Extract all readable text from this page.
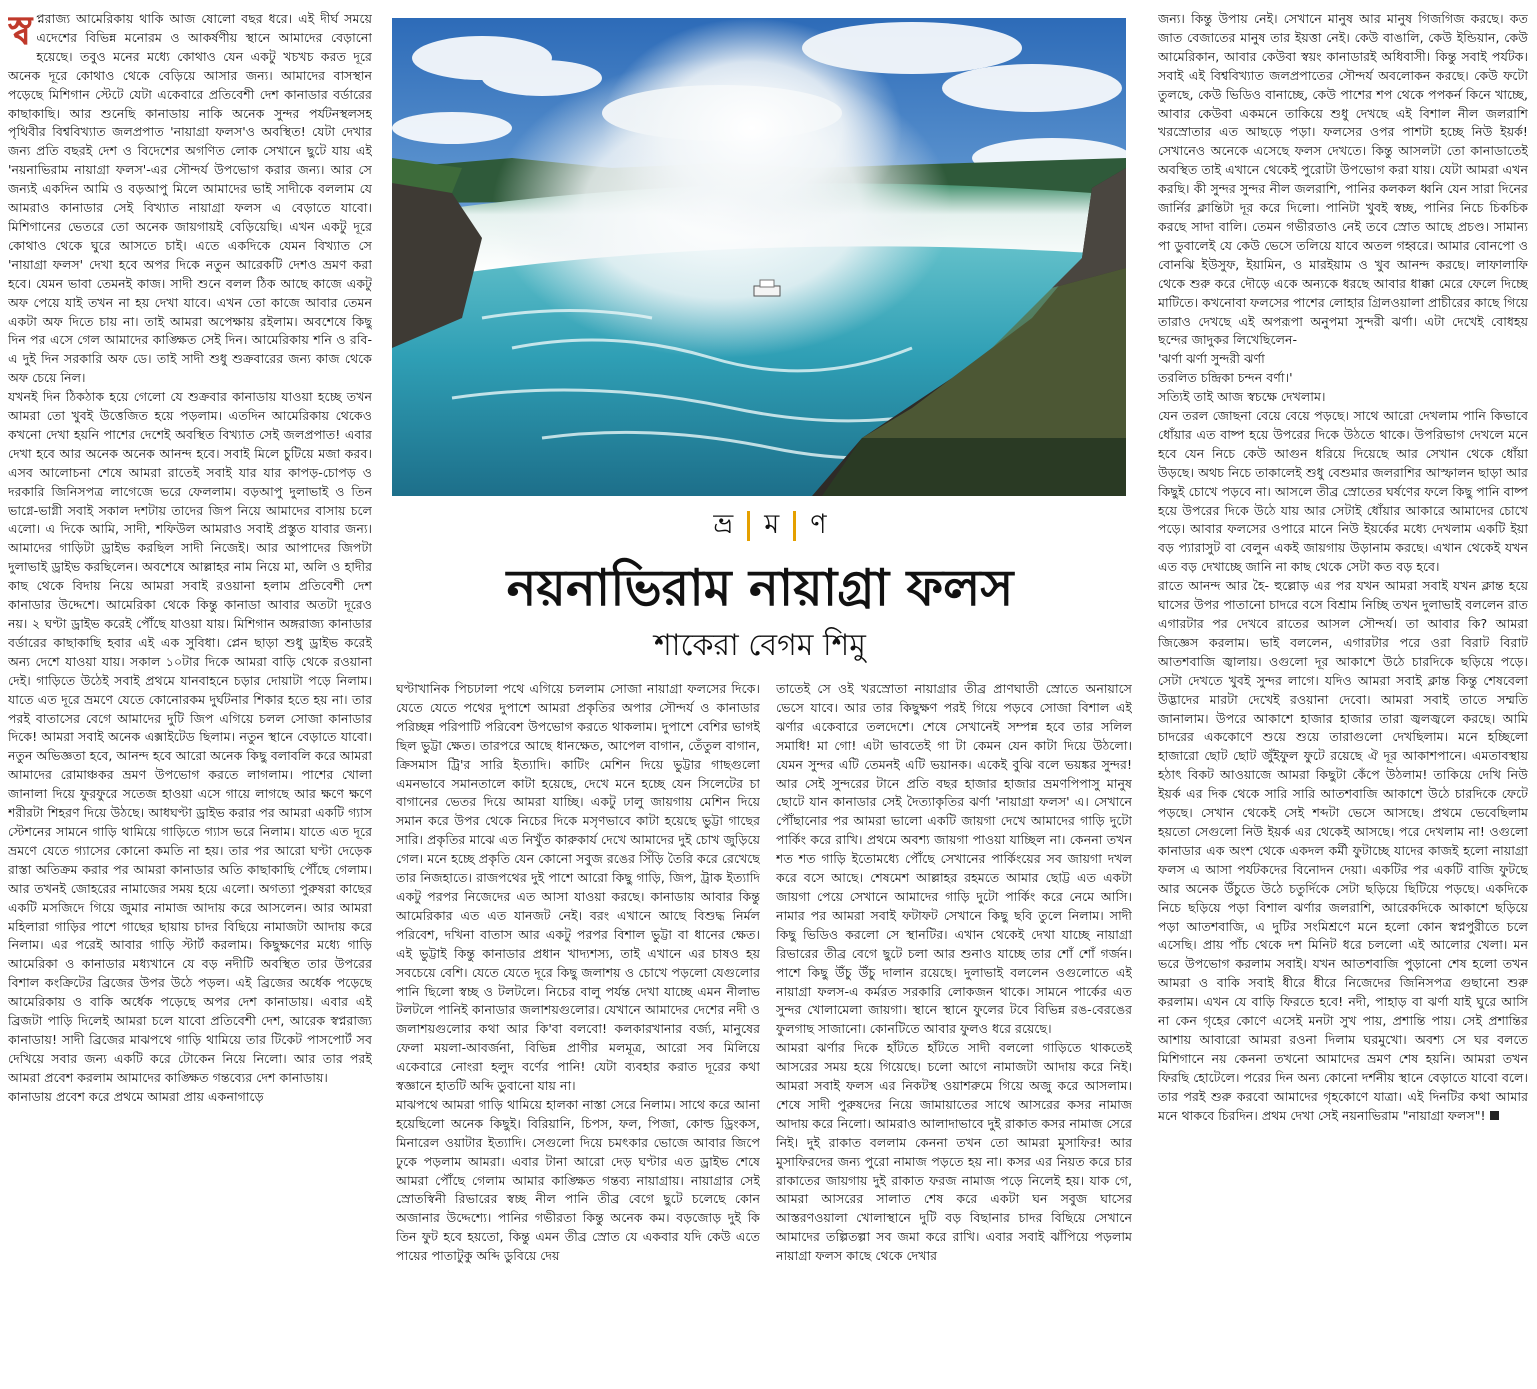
স্ব প্নরাজ্য আমেরিকায় থাকি আজ ষোলো বছর ধরে। এই দীর্ঘ সময়ে এদেশের বিভিন্ন মনোরম ও আকর্ষণীয় স্থানে আমাদের বেড়ানো হয়েছে। তবুও মনের মধ্যে কোথাও যেন একটু খচখচ করত দূরে অনেক দূরে কোথাও থেকে বেড়িয়ে আসার জন্য। আমাদের বাসস্থান পড়েছে মিশিগান স্টেটে যেটা একেবারে প্রতিবেশী দেশ কানাডার বর্ডারের কাছাকাছি। আর শুনেছি কানাডায় নাকি অনেক সুন্দর পর্যটনস্থলসহ পৃথিবীর বিশ্ববিখ্যাত জলপ্রপাত 'নায়াগ্রা ফলস'ও অবস্থিত! যেটা দেখার জন্য প্রতি বছরই দেশ ও বিদেশের অগণিত লোক সেখানে ছুটে যায় এই 'নয়নাভিরাম নায়াগ্রা ফলস'-এর সৌন্দর্য উপভোগ করার জন্য। আর সে জন্যই একদিন আমি ও বড়আপু মিলে আমাদের ভাই সাদীকে বললাম যে আমরাও কানাডার সেই বিখ্যাত নায়াগ্রা ফলস এ বেড়াতে যাবো। মিশিগানের ভেতরে তো অনেক জায়গায়ই বেড়িয়েছি। এখন একটু দূরে কোথাও থেকে ঘুরে আসতে চাই। এতে একদিকে যেমন বিখ্যাত সে 'নায়াগ্রা ফলস' দেখা হবে অপর দিকে নতুন আরেকটি দেশও ভ্রমণ করা হবে। যেমন ভাবা তেমনই কাজ। সাদী শুনে বলল ঠিক আছে কাজে একটু অফ পেয়ে যাই তখন না হয় দেখা যাবে। এখন তো কাজে আবার তেমন একটা অফ দিতে চায় না। তাই আমরা অপেক্ষায় রইলাম। অবশেষে কিছু দিন পর এসে গেল আমাদের কাঙ্ক্ষিত সেই দিন। আমেরিকায় শনি ও রবি- এ দুই দিন সরকারি অফ ডে। তাই সাদী শুধু শুক্রবারের জন্য কাজ থেকে অফ চেয়ে নিল।

যখনই দিন ঠিকঠাক হয়ে গেলো যে শুক্রবার কানাডায় যাওয়া হচ্ছে তখন আমরা তো খুবই উত্তেজিত হয়ে পড়লাম। এতদিন আমেরিকায় থেকেও কখনো দেখা হয়নি পাশের দেশেই অবস্থিত বিখ্যাত সেই জলপ্রপাত! এবার দেখা হবে আর অনেক অনেক আনন্দ হবে। সবাই মিলে চুটিয়ে মজা করব। এসব আলোচনা শেষে আমরা রাতেই সবাই যার যার কাপড়-চোপড় ও দরকারি জিনিসপত্র লাগেজে ভরে ফেললাম। বড়আপু দুলাভাই ও তিন ভাগ্নে-ভাগ্নী সবাই সকাল দশটায় তাদের জিপ নিয়ে আমাদের বাসায় চলে এলো। এ দিকে আমি, সাদী, শফিউল আমরাও সবাই প্রস্তুত যাবার জন্য। আমাদের গাড়িটা ড্রাইভ করছিল সাদী নিজেই। আর আপাদের জিপটা দুলাভাই ড্রাইভ করছিলেন। অবশেষে আল্লাহর নাম নিয়ে মা, অলি ও হাদীর কাছ থেকে বিদায় নিয়ে আমরা সবাই রওয়ানা হলাম প্রতিবেশী দেশ কানাডার উদ্দেশে। আমেরিকা থেকে কিন্তু কানাডা আবার অতটা দূরেও নয়। ২ ঘণ্টা ড্রাইভ করেই পৌঁছে যাওয়া যায়। মিশিগান অঙ্গরাজ্য কানাডার বর্ডারের কাছাকাছি হবার এই এক সুবিধা। প্লেন ছাড়া শুধু ড্রাইভ করেই অন্য দেশে যাওয়া যায়। সকাল ১০টার দিকে আমরা বাড়ি থেকে রওয়ানা দেই। গাড়িতে উঠেই সবাই প্রথমে যানবাহনে চড়ার দোয়াটা পড়ে নিলাম। যাতে এত দূরে ভ্রমণে যেতে কোনোরকম দুর্ঘটনার শিকার হতে হয় না। তার পরই বাতাসের বেগে আমাদের দুটি জিপ এগিয়ে চলল সোজা কানাডার দিকে! আমরা সবাই অনেক এক্সাইটেড ছিলাম। নতুন স্থানে বেড়াতে যাবো। নতুন অভিজ্ঞতা হবে, আনন্দ হবে আরো অনেক কিছু বলাবলি করে আমরা আমাদের রোমাঞ্চকর ভ্রমণ উপভোগ করতে লাগলাম। পাশের খোলা জানালা দিয়ে ফুরফুরে সতেজ হাওয়া এসে গায়ে লাগছে আর ক্ষণে ক্ষণে শরীরটা শিহরণ দিয়ে উঠছে। আধঘণ্টা ড্রাইভ করার পর আমরা একটি গ্যাস স্টেশনের সামনে গাড়ি থামিয়ে গাড়িতে গ্যাস ভরে নিলাম। যাতে এত দূরে ভ্রমণে যেতে গ্যাসের কোনো কমতি না হয়। তার পর আরো ঘণ্টা দেড়েক রাস্তা অতিক্রম করার পর আমরা কানাডার অতি কাছাকাছি পৌঁছে গেলাম। আর তখনই জোহরের নামাজের সময় হয়ে এলো। অগত্যা পুরুষরা কাছের একটি মসজিদে গিয়ে জুমার নামাজ আদায় করে আসলেন। আর আমরা মহিলারা গাড়ির পাশে গাছের ছায়ায় চাদর বিছিয়ে নামাজটা আদায় করে নিলাম। এর পরেই আবার গাড়ি স্টার্ট করলাম। কিছুক্ষণের মধ্যে গাড়ি আমেরিকা ও কানাডার মধ্যখানে যে বড় নদীটি অবস্থিত তার উপরের বিশাল কংক্রিটের ব্রিজের উপর উঠে পড়ল। এই ব্রিজের অর্ধেক পড়েছে আমেরিকায় ও বাকি অর্ধেক পড়েছে অপর দেশ কানাডায়। এবার এই ব্রিজটা পাড়ি দিলেই আমরা চলে যাবো প্রতিবেশী দেশ, আরেক স্বপ্নরাজ্য কানাডায়! সাদী ব্রিজের মাঝপথে গাড়ি থামিয়ে তার টিকেট পাসপোর্ট সব দেখিয়ে সবার জন্য একটি করে টোকেন নিয়ে নিলো। আর তার পরই আমরা প্রবেশ করলাম আমাদের কাঙ্ক্ষিত গন্তব্যের দেশ কানাডায়।

কানাডায় প্রবেশ করে প্রথমে আমরা প্রায় একনাগাড়ে

ভ্র ম ণ
নয়নাভিরাম নায়াগ্রা ফলস
শাকেরা বেগম শিমু

ঘণ্টাখানিক পিচঢালা পথে এগিয়ে চললাম সোজা নায়াগ্রা ফলসের দিকে। যেতে যেতে পথের দুপাশে আমরা প্রকৃতির অপার সৌন্দর্য ও কানাডার পরিচ্ছন্ন পরিপাটি পরিবেশ উপভোগ করতে থাকলাম। দুপাশে বেশির ভাগই ছিল ভুট্টা ক্ষেত। তারপরে আছে ধানক্ষেত, আপেল বাগান, তেঁতুল বাগান, ক্রিসমাস ট্রি'র সারি ইত্যাদি। কাটিং মেশিন দিয়ে ভুট্টার গাছগুলো এমনভাবে সমানতালে কাটা হয়েছে, দেখে মনে হচ্ছে যেন সিলেটের চা বাগানের ভেতর দিয়ে আমরা যাচ্ছি। একটু ঢালু জায়গায় মেশিন দিয়ে সমান করে উপর থেকে নিচের দিকে মসৃণভাবে কাটা হয়েছে ভুট্টা গাছের সারি। প্রকৃতির মাঝে এত নিখুঁত কারুকার্য দেখে আমাদের দুই চোখ জুড়িয়ে গেল। মনে হচ্ছে প্রকৃতি যেন কোনো সবুজ রঙের সিঁড়ি তৈরি করে রেখেছে তার নিজহাতে। রাজপথের দুই পাশে আরো কিছু গাড়ি, জিপ, ট্রাক ইত্যাদি একটু পরপর নিজেদের এত আসা যাওয়া করছে। কানাডায় আবার কিন্তু আমেরিকার এত এত যানজট নেই। বরং এখানে আছে বিশুদ্ধ নির্মল পরিবেশ, দখিনা বাতাস আর একটু পরপর বিশাল ভুট্টা বা ধানের ক্ষেত। এই ভুট্টাই কিন্তু কানাডার প্রধান খাদ্যশস্য, তাই এখানে এর চাষও হয় সবচেয়ে বেশি। যেতে যেতে দূরে কিছু জলাশয় ও চোখে পড়লো যেগুলোর পানি ছিলো স্বচ্ছ ও টলটলে। নিচের বালু পর্যন্ত দেখা যাচ্ছে এমন নীলাভ টলটলে পানিই কানাডার জলাশয়গুলোর। যেখানে আমাদের দেশের নদী ও জলাশয়গুলোর কথা আর কি'বা বলবো! কলকারখানার বর্জ্য, মানুষের ফেলা ময়লা-আবর্জনা, বিভিন্ন প্রাণীর মলমূত্র, আরো সব মিলিয়ে একেবারে নোংরা হলুদ বর্ণের পানি! যেটা ব্যবহার করাত দূরের কথা স্বজ্ঞানে হাতটি অব্দি ডুবানো যায় না।

মাঝপথে আমরা গাড়ি থামিয়ে হালকা নাস্তা সেরে নিলাম। সাথে করে আনা হয়েছিলো অনেক কিছুই। বিরিয়ানি, চিপস, ফল, পিজা, কোল্ড ড্রিংকস, মিনারেল ওয়াটার ইত্যাদি। সেগুলো দিয়ে চমৎকার ভোজে আবার জিপে ঢুকে পড়লাম আমরা। এবার টানা আরো দেড় ঘণ্টার এত ড্রাইভ শেষে আমরা পৌঁছে গেলাম আমার কাঙ্ক্ষিত গন্তব্য নায়াগ্রায়। নায়াগ্রার সেই স্রোতস্বিনী রিভারের স্বচ্ছ নীল পানি তীব্র বেগে ছুটে চলেছে কোন অজানার উদ্দেশ্যে। পানির গভীরতা কিন্তু অনেক কম। বড়জোড় দুই কি তিন ফুট হবে হয়তো, কিন্তু এমন তীব্র স্রোত যে একবার যদি কেউ এতে পায়ের পাতাটুকু অব্দি ডুবিয়ে দেয়

তাতেই সে ওই খরস্রোতা নায়াগ্রার তীব্র প্রাণঘাতী স্রোতে অনায়াসে ভেসে যাবে। আর তার কিছুক্ষণ পরই গিয়ে পড়বে সোজা বিশাল এই ঝর্ণার একেবারে তলদেশে। শেষে সেখানেই সম্পন্ন হবে তার সলিল সমাধি! মা গো! এটা ভাবতেই গা টা কেমন যেন কাটা দিয়ে উঠলো। যেমন সুন্দর এটি তেমনই এটি ভয়ানক। একেই বুঝি বলে ভয়ঙ্কর সুন্দর! আর সেই সুন্দরের টানে প্রতি বছর হাজার হাজার ভ্রমণপিপাসু মানুষ ছোটে যান কানাডার সেই দৈত্যাকৃতির ঝর্ণা 'নায়াগ্রা ফলস' এ। সেখানে পৌঁছানোর পর আমরা ভালো একটি জায়গা দেখে আমাদের গাড়ি দুটো পার্কিং করে রাখি। প্রথমে অবশ্য জায়গা পাওয়া যাচ্ছিল না। কেননা তখন শত শত গাড়ি ইতোমধ্যে পৌঁছে সেখানের পার্কিংয়ের সব জায়গা দখল করে বসে আছে। শেষমেশ আল্লাহর রহমতে আমার ছোট্ট এত একটা জায়গা পেয়ে সেখানে আমাদের গাড়ি দুটো পার্কিং করে নেমে আসি। নামার পর আমরা সবাই ফটাফট সেখানে কিছু ছবি তুলে নিলাম। সাদী কিছু ভিডিও করলো সে স্থানটির। এখান থেকেই দেখা যাচ্ছে নায়াগ্রা রিভারের তীব্র বেগে ছুটে চলা আর শুনাও যাচ্ছে তার শোঁ শোঁ গর্জন। পাশে কিছু উঁচু উঁচু দালান রয়েছে। দুলাভাই বললেন ওগুলোতে এই নায়াগ্রা ফলস-এ কর্মরত সরকারি লোকজন থাকে। সামনে পার্কের এত সুন্দর খোলামেলা জায়গা। স্থানে স্থানে ফুলের টবে বিভিন্ন রঙ-বেরঙের ফুলগাছ সাজানো। কোনটিতে আবার ফুলও ধরে রয়েছে।

আমরা ঝর্ণার দিকে হাঁটতে হাঁটতে সাদী বললো গাড়িতে থাকতেই আসরের সময় হয়ে গিয়েছে। চলো আগে নামাজটা আদায় করে নিই। আমরা সবাই ফলস এর নিকটস্থ ওয়াশরুমে গিয়ে অজু করে আসলাম। শেষে সাদী পুরুষদের নিয়ে জামায়াতের সাথে আসরের কসর নামাজ আদায় করে নিলো। আমরাও আলাদাভাবে দুই রাকাত কসর নামাজ সেরে নিই। দুই রাকাত বললাম কেননা তখন তো আমরা মুসাফির! আর মুসাফিরদের জন্য পুরো নামাজ পড়তে হয় না। কসর এর নিয়ত করে চার রাকাতের জায়গায় দুই রাকাত ফরজ নামাজ পড়ে নিলেই হয়। যাক গে, আমরা আসরের সালাত শেষ করে একটা ঘন সবুজ ঘাসের আস্তরণওয়ালা খোলাস্থানে দুটি বড় বিছানার চাদর বিছিয়ে সেখানে আমাদের তল্পিতল্পা সব জমা করে রাখি। এবার সবাই ঝাঁপিয়ে পড়লাম নায়াগ্রা ফলস কাছে থেকে দেখার

জন্য। কিন্তু উপায় নেই। সেখানে মানুষ আর মানুষ গিজগিজ করছে। কত জাত বেজাতের মানুষ তার ইয়ত্তা নেই। কেউ বাঙালি, কেউ ইন্ডিয়ান, কেউ আমেরিকান, আবার কেউবা স্বয়ং কানাডারই অধিবাসী। কিন্তু সবাই পর্যটক। সবাই এই বিশ্ববিখ্যাত জলপ্রপাতের সৌন্দর্য অবলোকন করছে। কেউ ফটো তুলছে, কেউ ভিডিও বানাচ্ছে, কেউ পাশের শপ থেকে পপকর্ন কিনে খাচ্ছে, আবার কেউবা একমনে তাকিয়ে শুধু দেখছে এই বিশাল নীল জলরাশি খরস্রোতার এত আছড়ে পড়া। ফলসের ওপর পাশটা হচ্ছে নিউ ইয়র্ক! সেখানেও অনেকে এসেছে ফলস দেখতে। কিন্তু আসলটা তো কানাডাতেই অবস্থিত তাই এখানে থেকেই পুরোটা উপভোগ করা যায়। যেটা আমরা এখন করছি। কী সুন্দর সুন্দর নীল জলরাশি, পানির কলকল ধ্বনি যেন সারা দিনের জার্নির ক্লান্তিটা দূর করে দিলো। পানিটা খুবই স্বচ্ছ, পানির নিচে চিকচিক করছে সাদা বালি। তেমন গভীরতাও নেই তবে স্রোত আছে প্রচণ্ড। সামান্য পা ডুবালেই যে কেউ ভেসে তলিয়ে যাবে অতল গহ্বরে। আমার বোনপো ও বোনঝি ইউসুফ, ইয়ামিন, ও মারইয়াম ও খুব আনন্দ করছে। লাফালাফি থেকে শুরু করে দৌড়ে একে অন্যকে ধরছে আবার ধাক্কা মেরে ফেলে দিচ্ছে মাটিতে। কখনোবা ফলসের পাশের লোহার গ্রিলওয়ালা প্রাচীরের কাছে গিয়ে তারাও দেখছে এই অপরূপা অনুপমা সুন্দরী ঝর্ণা। এটা দেখেই বোধহয় ছন্দের জাদুকর লিখেছিলেন-

'ঝর্ণা ঝর্ণা সুন্দরী ঝর্ণা

তরলিত চন্দ্রিকা চন্দন বর্ণা।'

সত্যিই তাই আজ স্বচক্ষে দেখলাম।

যেন তরল জোছনা বেয়ে বেয়ে পড়ছে। সাথে আরো দেখলাম পানি কিভাবে ধোঁয়ার এত বাষ্প হয়ে উপরের দিকে উঠতে থাকে। উপরিভাগ দেখলে মনে হবে যেন নিচে কেউ আগুন ধরিয়ে দিয়েছে আর সেখান থেকে ধোঁয়া উড়ছে। অথচ নিচে তাকালেই শুধু বেশুমার জলরাশির আস্ফালন ছাড়া আর কিছুই চোখে পড়বে না। আসলে তীব্র স্রোতের ঘর্ষণের ফলে কিছু পানি বাষ্প হয়ে উপরের দিকে উঠে যায় আর সেটাই ধোঁয়ার আকারে আমাদের চোখে পড়ে। আবার ফলসের ওপারে মানে নিউ ইয়র্কের মধ্যে দেখলাম একটি ইয়া বড় প্যারাসুট বা বেলুন একই জায়গায় উড়ানাম করছে। এখান থেকেই যখন এত বড় দেখাচ্ছে জানি না কাছ থেকে সেটা কত বড় হবে।

রাতে আনন্দ আর হৈ- হুল্লোড় এর পর যখন আমরা সবাই যখন ক্লান্ত হয়ে ঘাসের উপর পাতানো চাদরে বসে বিশ্রাম নিচ্ছি তখন দুলাভাই বললেন রাত এগারটার পর দেখবে রাতের আসল সৌন্দর্য। তা আবার কি? আমরা জিজ্ঞেস করলাম। ভাই বললেন, এগারটার পরে ওরা বিরাট বিরাট আতশবাজি জ্বালায়। ওগুলো দূর আকাশে উঠে চারদিকে ছড়িয়ে পড়ে। সেটা দেখতে খুবই সুন্দর লাগে। যদিও আমরা সবাই ক্লান্ত কিন্তু শেষবেলা উদ্ভাদের মারটা দেখেই রওয়ানা দেবো। আমরা সবাই তাতে সম্মতি জানালাম। উপরে আকাশে হাজার হাজার তারা জ্বলজ্বলে করছে। আমি চাদরের এককোণে শুয়ে শুয়ে তারাগুলো দেখছিলাম। মনে হচ্ছিলো হাজারো ছোট ছোট জুঁইফুল ফুটে রয়েছে ঐ দূর আকাশপানে। এমতাবস্থায় হঠাৎ বিকট আওয়াজে আমরা কিছুটা কেঁপে উঠলাম! তাকিয়ে দেখি নিউ ইয়র্ক এর দিক থেকে সারি সারি আতশবাজি আকাশে উঠে চারদিকে ফেটে পড়ছে। সেখান থেকেই সেই শব্দটা ভেসে আসছে। প্রথমে ভেবেছিলাম হয়তো সেগুলো নিউ ইয়র্ক এর থেকেই আসছে। পরে দেখলাম না! ওগুলো কানাডার এক অংশ থেকে একদল কর্মী ফুটাচ্ছে যাদের কাজই হলো নায়াগ্রা ফলস এ আসা পর্যটকদের বিনোদন দেয়া। একটির পর একটি বাজি ফুটছে আর অনেক উঁচুতে উঠে চতুর্দিকে সেটা ছড়িয়ে ছিটিয়ে পড়ছে। একদিকে নিচে ছড়িয়ে পড়া বিশাল ঝর্ণার জলরাশি, আরেকদিকে আকাশে ছড়িয়ে পড়া আতশবাজি, এ দুটির সংমিশ্রণে মনে হলো কোন স্বপ্নপুরীতে চলে এসেছি। প্রায় পাঁচ থেকে দশ মিনিট ধরে চললো এই আলোর খেলা। মন ভরে উপভোগ করলাম সবাই। যখন আতশবাজি পুড়ানো শেষ হলো তখন আমরা ও বাকি সবাই ধীরে ধীরে নিজেদের জিনিসপত্র গুছানো শুরু করলাম। এখন যে বাড়ি ফিরতে হবে! নদী, পাহাড় বা ঝর্ণা যাই ঘুরে আসি না কেন গৃহের কোণে এসেই মনটা সুখ পায়, প্রশান্তি পায়। সেই প্রশান্তির আশায় আবারো আমরা রওনা দিলাম ঘরমুখো। অবশ্য সে ঘর বলতে মিশিগানে নয় কেননা তখনো আমাদের ভ্রমণ শেষ হয়নি। আমরা তখন ফিরছি হোটেলে। পরের দিন অন্য কোনো দর্শনীয় স্থানে বেড়াতে যাবো বলে। তার পরই শুরু করবো আমাদের গৃহকোণে যাত্রা। এই দিনটির কথা আমার মনে থাকবে চিরদিন। প্রথম দেখা সেই নয়নাভিরাম "নায়াগ্রা ফলস"!
